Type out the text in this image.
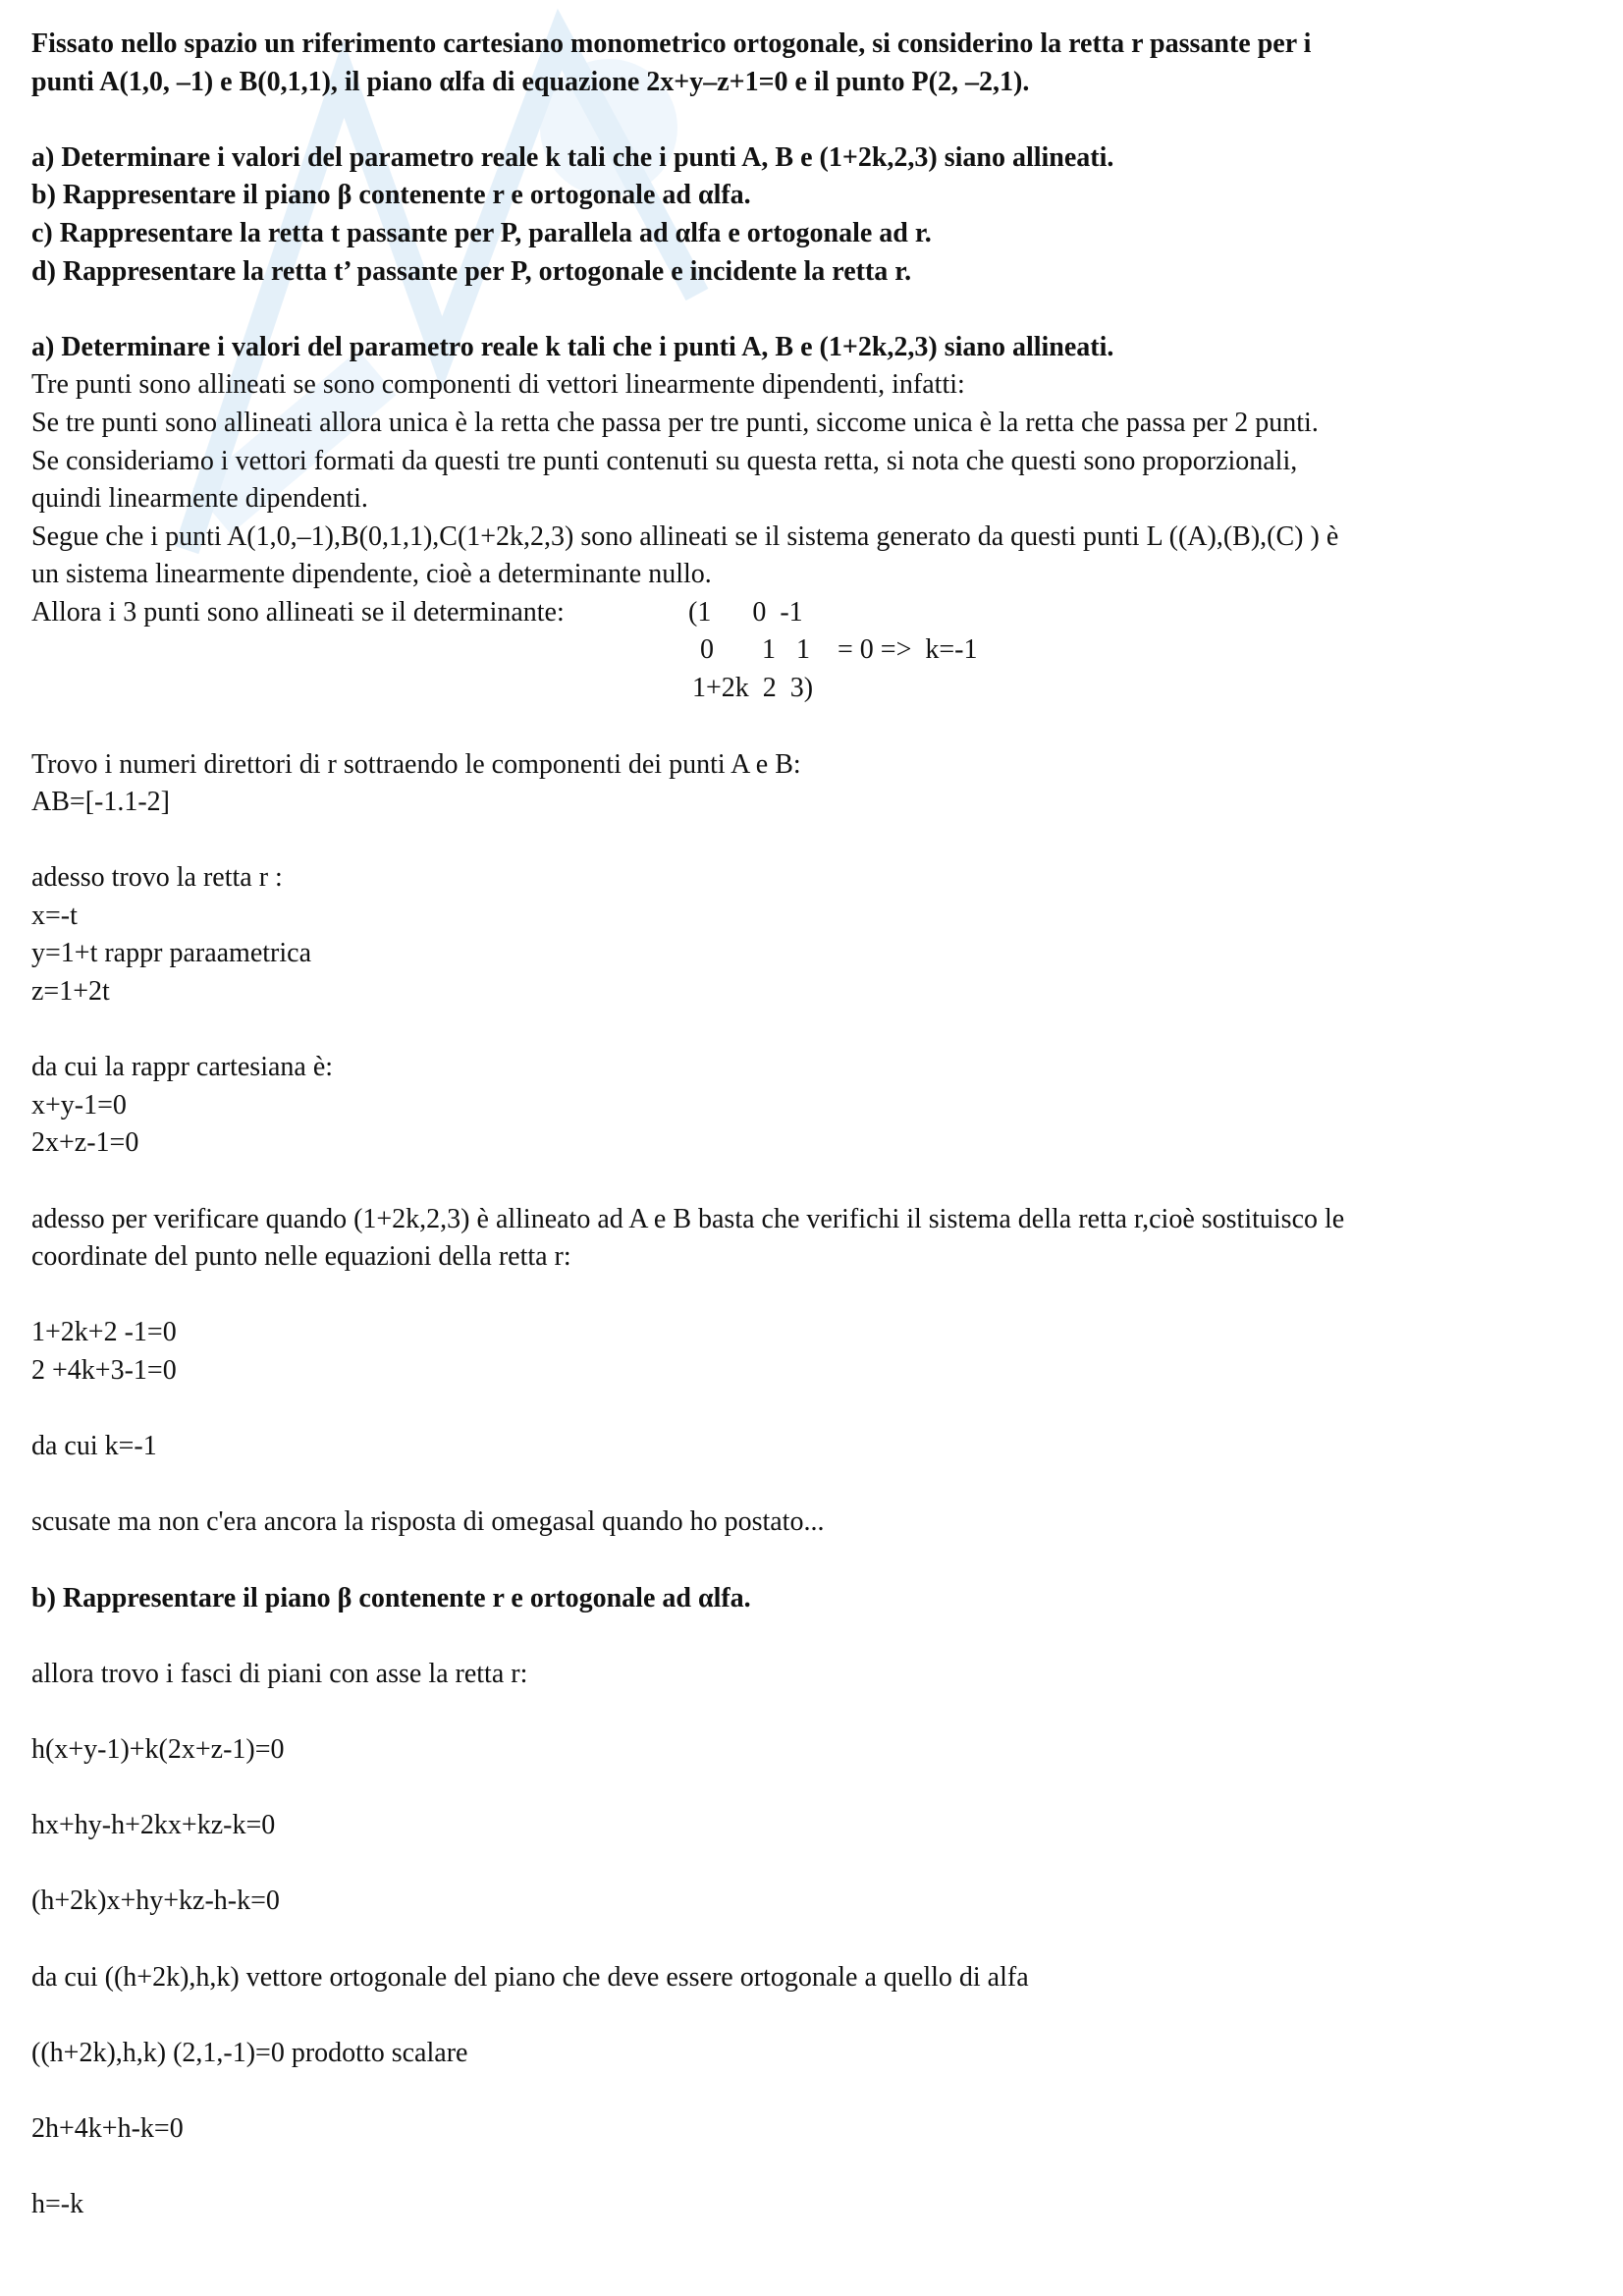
Fissato nello spazio un riferimento cartesiano monometrico ortogonale, si considerino la retta r passante per i
punti A(1,0, –1) e B(0,1,1), il piano αlfa di equazione 2x+y–z+1=0 e il punto P(2, –2,1).
a) Determinare i valori del parametro reale k tali che i punti A, B e (1+2k,2,3) siano allineati.
b) Rappresentare il piano β contenente r e ortogonale ad αlfa.
c) Rappresentare la retta t passante per P, parallela ad αlfa e ortogonale ad r.
d) Rappresentare la retta t’ passante per P, ortogonale e incidente la retta r.
a) Determinare i valori del parametro reale k tali che i punti A, B e (1+2k,2,3) siano allineati.
Tre punti sono allineati se sono componenti di vettori linearmente dipendenti, infatti:
Se tre punti sono allineati allora unica è la retta che passa per tre punti, siccome unica è la retta che passa per 2 punti.
Se consideriamo i vettori formati da questi tre punti contenuti su questa retta, si nota che questi sono proporzionali,
quindi linearmente dipendenti.
Segue che i punti A(1,0,–1),B(0,1,1),C(1+2k,2,3) sono allineati se il sistema generato da questi punti L ((A),(B),(C) ) è
un sistema linearmente dipendente, cioè a determinante nullo.
Allora i 3 punti sono allineati se il determinante:	(1      0  -1
0       1   1    = 0 =>  k=-1
1+2k  2  3)
Trovo i numeri direttori di r sottraendo le componenti dei punti A e B:
AB=[-1.1-2]
adesso trovo la retta r :
x=-t
y=1+t rappr paraametrica
z=1+2t
da cui la rappr cartesiana è:
x+y-1=0
2x+z-1=0
adesso per verificare quando (1+2k,2,3) è allineato ad A e B basta che verifichi il sistema della retta r,cioè sostituisco le
coordinate del punto nelle equazioni della retta r:
1+2k+2 -1=0
2 +4k+3-1=0
da cui k=-1
scusate ma non c'era ancora la risposta di omegasal quando ho postato...
b) Rappresentare il piano β contenente r e ortogonale ad αlfa.
allora trovo i fasci di piani con asse la retta r:
h(x+y-1)+k(2x+z-1)=0
hx+hy-h+2kx+kz-k=0
(h+2k)x+hy+kz-h-k=0
da cui ((h+2k),h,k) vettore ortogonale del piano che deve essere ortogonale a quello di alfa
((h+2k),h,k) (2,1,-1)=0 prodotto scalare
2h+4k+h-k=0
h=-k
